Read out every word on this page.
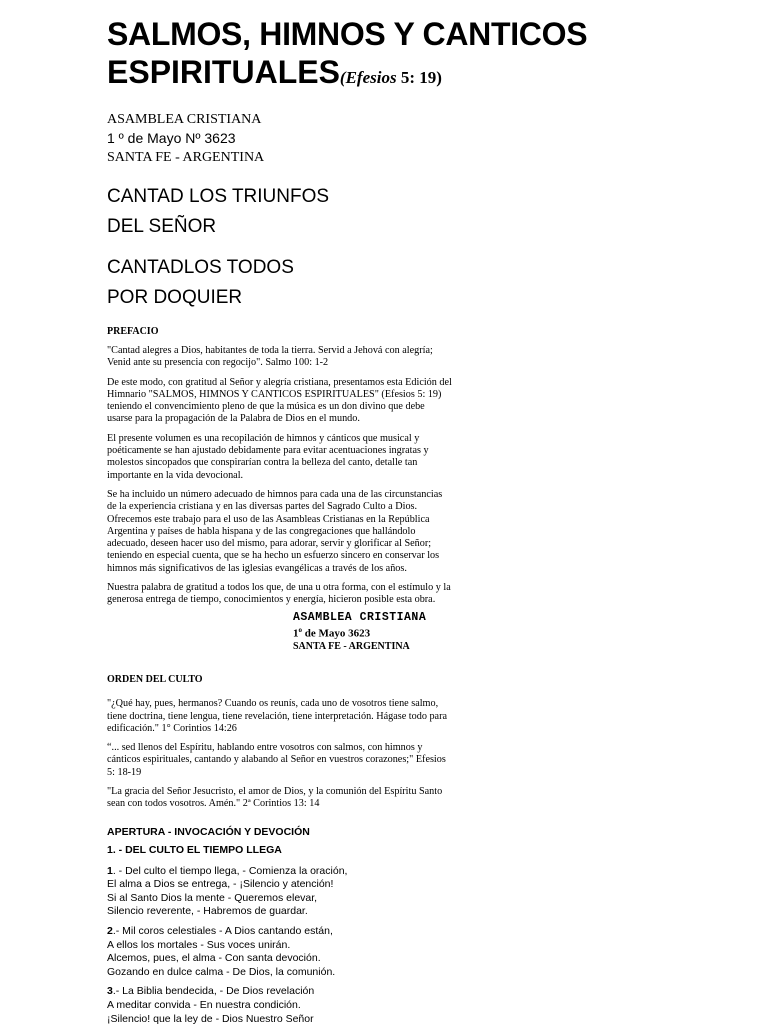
SALMOS, HIMNOS Y CANTICOS
ESPIRITUALES(Efesios 5: 19)
ASAMBLEA CRISTIANA
1 º de Mayo Nº 3623
SANTA FE - ARGENTINA
CANTAD LOS TRIUNFOS
DEL SEÑOR
CANTADLOS TODOS
POR DOQUIER
PREFACIO

"Cantad alegres a Dios, habitantes de toda la tierra. Servid a Jehová con alegría; Venid ante su presencia con regocijo". Salmo 100: 1-2

De este modo, con gratitud al Señor y alegría cristiana, presentamos esta Edición del Himnario "SALMOS, HIMNOS Y CANTICOS ESPIRITUALES" (Efesios 5: 19) teniendo el convencimiento pleno de que la música es un don divino que debe usarse para la propagación de la Palabra de Dios en el mundo.

El presente volumen es una recopilación de himnos y cánticos que musical y poéticamente se han ajustado debidamente para evitar acentuaciones ingratas y molestos sincopados que conspirarían contra la belleza del canto, detalle tan importante en la vida devocional.

Se ha incluido un número adecuado de himnos para cada una de las circunstancias de la experiencia cristiana y en las diversas partes del Sagrado Culto a Dios. Ofrecemos este trabajo para el uso de las Asambleas Cristianas en la República Argentina y países de habla hispana y de las congregaciones que hallándolo adecuado, deseen hacer uso del mismo, para adorar, servir y glorificar al Señor; teniendo en especial cuenta, que se ha hecho un esfuerzo sincero en conservar los himnos más significativos de las iglesias evangélicas a través de los años.

Nuestra palabra de gratitud a todos los que, de una u otra forma, con el estímulo y la generosa entrega de tiempo, conocimientos y energía, hicieron posible esta obra.

ASAMBLEA CRISTIANA
1$^o$ de Mayo 3623
SANTA FE - ARGENTINA
ORDEN DEL CULTO

"¿Qué hay, pues, hermanos? Cuando os reunís, cada uno de vosotros tiene salmo, tiene doctrina, tiene lengua, tiene revelación, tiene interpretación. Hágase todo para edificación." 1° Corintios 14:26

“... sed llenos del Espíritu, hablando entre vosotros con salmos, con himnos y cánticos espirituales, cantando y alabando al Señor en vuestros corazones;" Efesios 5: 18-19

"La gracia del Señor Jesucristo, el amor de Dios, y la comunión del Espíritu Santo sean con todos vosotros. Amén." 2ª Corintios 13: 14

APERTURA - INVOCACIÓN Y DEVOCIÓN
1. - DEL CULTO EL TIEMPO LLEGA
1. - Del culto el tiempo llega, - Comienza la oración,
El alma a Dios se entrega, - ¡Silencio y atención!
Si al Santo Dios la mente - Queremos elevar,
Silencio reverente, - Habremos de guardar.
2.- Mil coros celestiales - A Dios cantando están,
A ellos los mortales - Sus voces unirán.
Alcemos, pues, el alma - Con santa devoción.
Gozando en dulce calma - De Dios, la comunión.
3.- La Biblia bendecida, - De Dios revelación
A meditar convida - En nuestra condición.
¡Silencio! que la ley de - Dios Nuestro Señor
